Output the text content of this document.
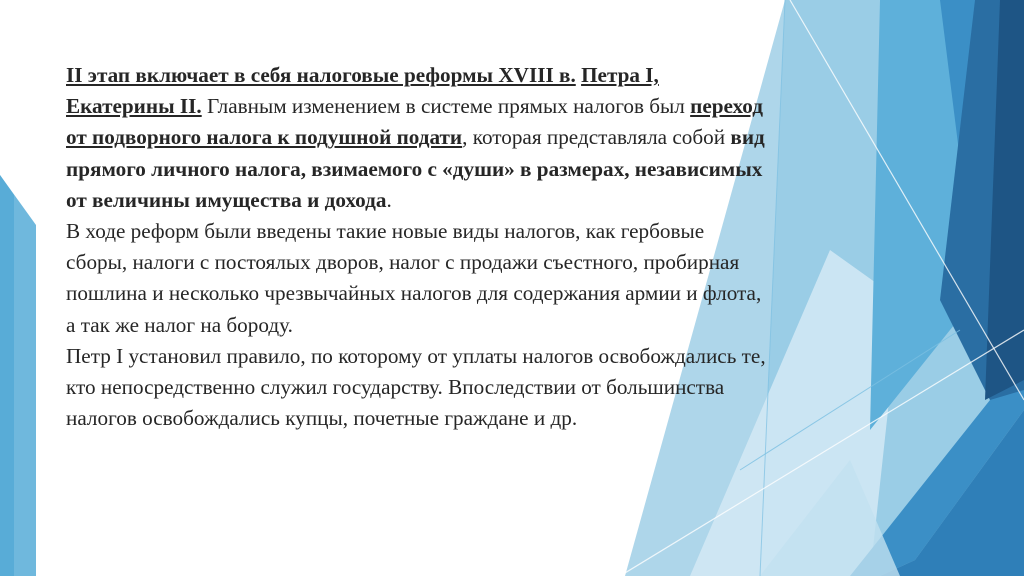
II этап включает в себя налоговые реформы XVIII в. Петра I, Екатерины II. Главным изменением в системе прямых налогов был переход от подворного налога к подушной подати, которая представляла собой вид прямого личного налога, взимаемого с «души» в размерах, независимых от величины имущества и дохода.

В ходе реформ были введены такие новые виды налогов, как гербовые сборы, налоги с постоялых дворов, налог с продажи съестного, пробирная пошлина и несколько чрезвычайных налогов для содержания армии и флота, а так же налог на бороду.

Петр I установил правило, по которому от уплаты налогов освобождались те, кто непосредственно служил государству. Впоследствии от большинства налогов освобождались купцы, почетные граждане и др.
